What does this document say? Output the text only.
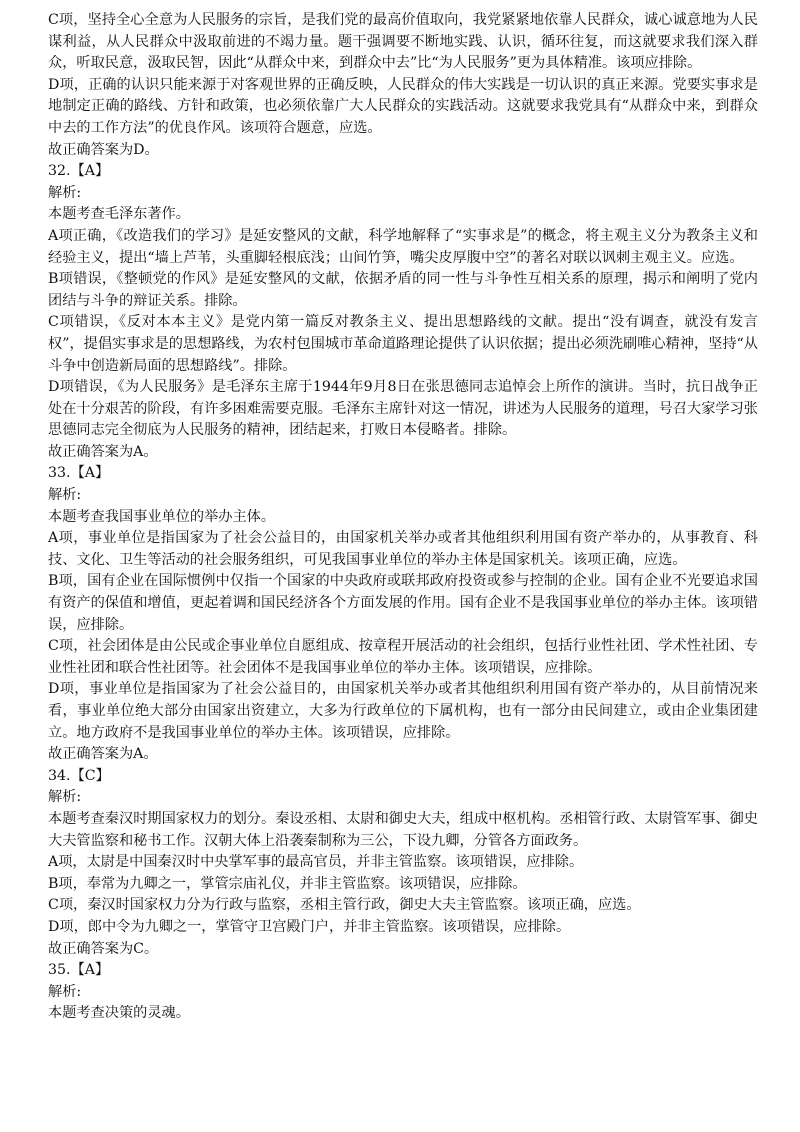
C项，坚持全心全意为人民服务的宗旨，是我们党的最高价值取向，我党紧紧地依靠人民群众，诚心诚意地为人民谋利益，从人民群众中汲取前进的不竭力量。题干强调要不断地实践、认识，循环往复，而这就要求我们深入群众，听取民意，汲取民智，因此“从群众中来，到群众中去”比“为人民服务”更为具体精准。该项应排除。

D项，正确的认识只能来源于对客观世界的正确反映，人民群众的伟大实践是一切认识的真正来源。党要实事求是地制定正确的路线、方针和政策，也必须依靠广大人民群众的实践活动。这就要求我党具有“从群众中来，到群众中去的工作方法”的优良作风。该项符合题意，应选。

故正确答案为D。

32.【A】

解析:

本题考查毛泽东著作。

A项正确，《改造我们的学习》是延安整风的文献，科学地解释了“实事求是”的概念，将主观主义分为教条主义和经验主义，提出“墙上芦苇，头重脚轻根底浅；山间竹笋，嘴尖皮厚腹中空”的著名对联以讽刺主观主义。应选。

B项错误，《整顿党的作风》是延安整风的文献，依据矛盾的同一性与斗争性互相关系的原理，揭示和阐明了党内团结与斗争的辩证关系。排除。

C项错误，《反对本本主义》是党内第一篇反对教条主义、提出思想路线的文献。提出“没有调查，就没有发言权”，提倡实事求是的思想路线，为农村包围城市革命道路理论提供了认识依据；提出必须洗刷唯心精神，坚持“从斗争中创造新局面的思想路线”。排除。

D项错误，《为人民服务》是毛泽东主席于1944年9月8日在张思德同志追悼会上所作的演讲。当时，抗日战争正处在十分艰苦的阶段，有许多困难需要克服。毛泽东主席针对这一情况，讲述为人民服务的道理，号召大家学习张思德同志完全彻底为人民服务的精神，团结起来，打败日本侵略者。排除。

故正确答案为A。

33.【A】

解析:

本题考查我国事业单位的举办主体。

A项，事业单位是指国家为了社会公益目的，由国家机关举办或者其他组织利用国有资产举办的，从事教育、科技、文化、卫生等活动的社会服务组织，可见我国事业单位的举办主体是国家机关。该项正确，应选。

B项，国有企业在国际惯例中仅指一个国家的中央政府或联邦政府投资或参与控制的企业。国有企业不光要追求国有资产的保值和增值，更起着调和国民经济各个方面发展的作用。国有企业不是我国事业单位的举办主体。该项错误，应排除。

C项，社会团体是由公民或企事业单位自愿组成、按章程开展活动的社会组织，包括行业性社团、学术性社团、专业性社团和联合性社团等。社会团体不是我国事业单位的举办主体。该项错误，应排除。

D项，事业单位是指国家为了社会公益目的，由国家机关举办或者其他组织利用国有资产举办的，从目前情况来看，事业单位绝大部分由国家出资建立，大多为行政单位的下属机构，也有一部分由民间建立，或由企业集团建立。地方政府不是我国事业单位的举办主体。该项错误，应排除。

故正确答案为A。

34.【C】

解析:

本题考查秦汉时期国家权力的划分。秦设丞相、太尉和御史大夫，组成中枢机构。丞相管行政、太尉管军事、御史大夫管监察和秘书工作。汉朝大体上沿袭秦制称为三公，下设九卿，分管各方面政务。

A项，太尉是中国秦汉时中央掌军事的最高官员，并非主管监察。该项错误，应排除。

B项，奉常为九卿之一，掌管宗庙礼仪，并非主管监察。该项错误，应排除。

C项，秦汉时国家权力分为行政与监察，丞相主管行政，御史大夫主管监察。该项正确，应选。

D项，郎中令为九卿之一，掌管守卫宫殿门户，并非主管监察。该项错误，应排除。

故正确答案为C。

35.【A】

解析:

本题考查决策的灵魂。
